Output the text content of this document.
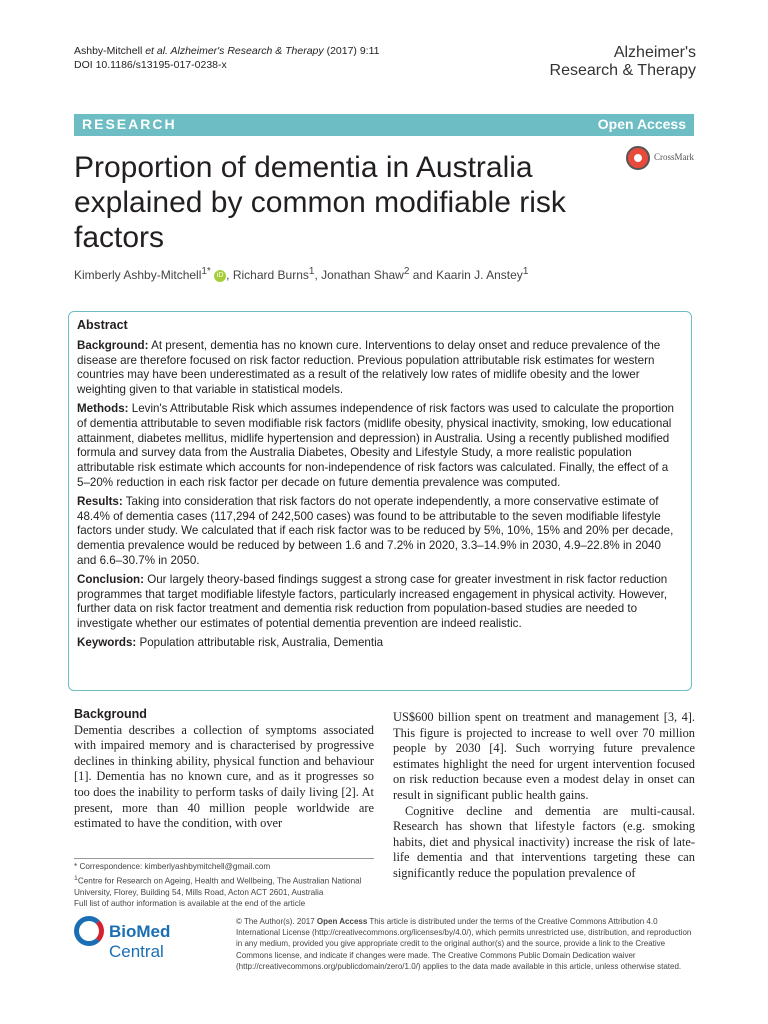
Ashby-Mitchell et al. Alzheimer's Research & Therapy (2017) 9:11
DOI 10.1186/s13195-017-0238-x
Alzheimer's
Research & Therapy
RESEARCH	Open Access
Proportion of dementia in Australia explained by common modifiable risk factors
CrossMark
Kimberly Ashby-Mitchell$^{1*}$ iD , Richard Burns$^1$, Jonathan Shaw$^2$ and Kaarin J. Anstey$^1$
Abstract

Background: At present, dementia has no known cure. Interventions to delay onset and reduce prevalence of the disease are therefore focused on risk factor reduction. Previous population attributable risk estimates for western countries may have been underestimated as a result of the relatively low rates of midlife obesity and the lower weighting given to that variable in statistical models.

Methods: Levin's Attributable Risk which assumes independence of risk factors was used to calculate the proportion of dementia attributable to seven modifiable risk factors (midlife obesity, physical inactivity, smoking, low educational attainment, diabetes mellitus, midlife hypertension and depression) in Australia. Using a recently published modified formula and survey data from the Australia Diabetes, Obesity and Lifestyle Study, a more realistic population attributable risk estimate which accounts for non-independence of risk factors was calculated. Finally, the effect of a 5–20% reduction in each risk factor per decade on future dementia prevalence was computed.

Results: Taking into consideration that risk factors do not operate independently, a more conservative estimate of 48.4% of dementia cases (117,294 of 242,500 cases) was found to be attributable to the seven modifiable lifestyle factors under study. We calculated that if each risk factor was to be reduced by 5%, 10%, 15% and 20% per decade, dementia prevalence would be reduced by between 1.6 and 7.2% in 2020, 3.3–14.9% in 2030, 4.9–22.8% in 2040 and 6.6–30.7% in 2050.

Conclusion: Our largely theory-based findings suggest a strong case for greater investment in risk factor reduction programmes that target modifiable lifestyle factors, particularly increased engagement in physical activity. However, further data on risk factor treatment and dementia risk reduction from population-based studies are needed to investigate whether our estimates of potential dementia prevention are indeed realistic.

Keywords: Population attributable risk, Australia, Dementia

Background
Dementia describes a collection of symptoms associated with impaired memory and is characterised by progressive declines in thinking ability, physical function and behaviour [1]. Dementia has no known cure, and as it progresses so too does the inability to perform tasks of daily living [2]. At present, more than 40 million people worldwide are estimated to have the condition, with over

US$600 billion spent on treatment and management [3, 4]. This figure is projected to increase to well over 70 million people by 2030 [4]. Such worrying future prevalence estimates highlight the need for urgent intervention focused on risk reduction because even a modest delay in onset can result in significant public health gains.

Cognitive decline and dementia are multi-causal. Research has shown that lifestyle factors (e.g. smoking habits, diet and physical inactivity) increase the risk of late-life dementia and that interventions targeting these can significantly reduce the population prevalence of

* Correspondence: kimberlyashbymitchell@gmail.com
$^1$Centre for Research on Ageing, Health and Wellbeing, The Australian National University, Florey, Building 54, Mills Road, Acton ACT 2601, Australia
Full list of author information is available at the end of the article
BioMed Central
© The Author(s). 2017 Open Access This article is distributed under the terms of the Creative Commons Attribution 4.0 International License (http://creativecommons.org/licenses/by/4.0/), which permits unrestricted use, distribution, and reproduction in any medium, provided you give appropriate credit to the original author(s) and the source, provide a link to the Creative Commons license, and indicate if changes were made. The Creative Commons Public Domain Dedication waiver (http://creativecommons.org/publicdomain/zero/1.0/) applies to the data made available in this article, unless otherwise stated.
